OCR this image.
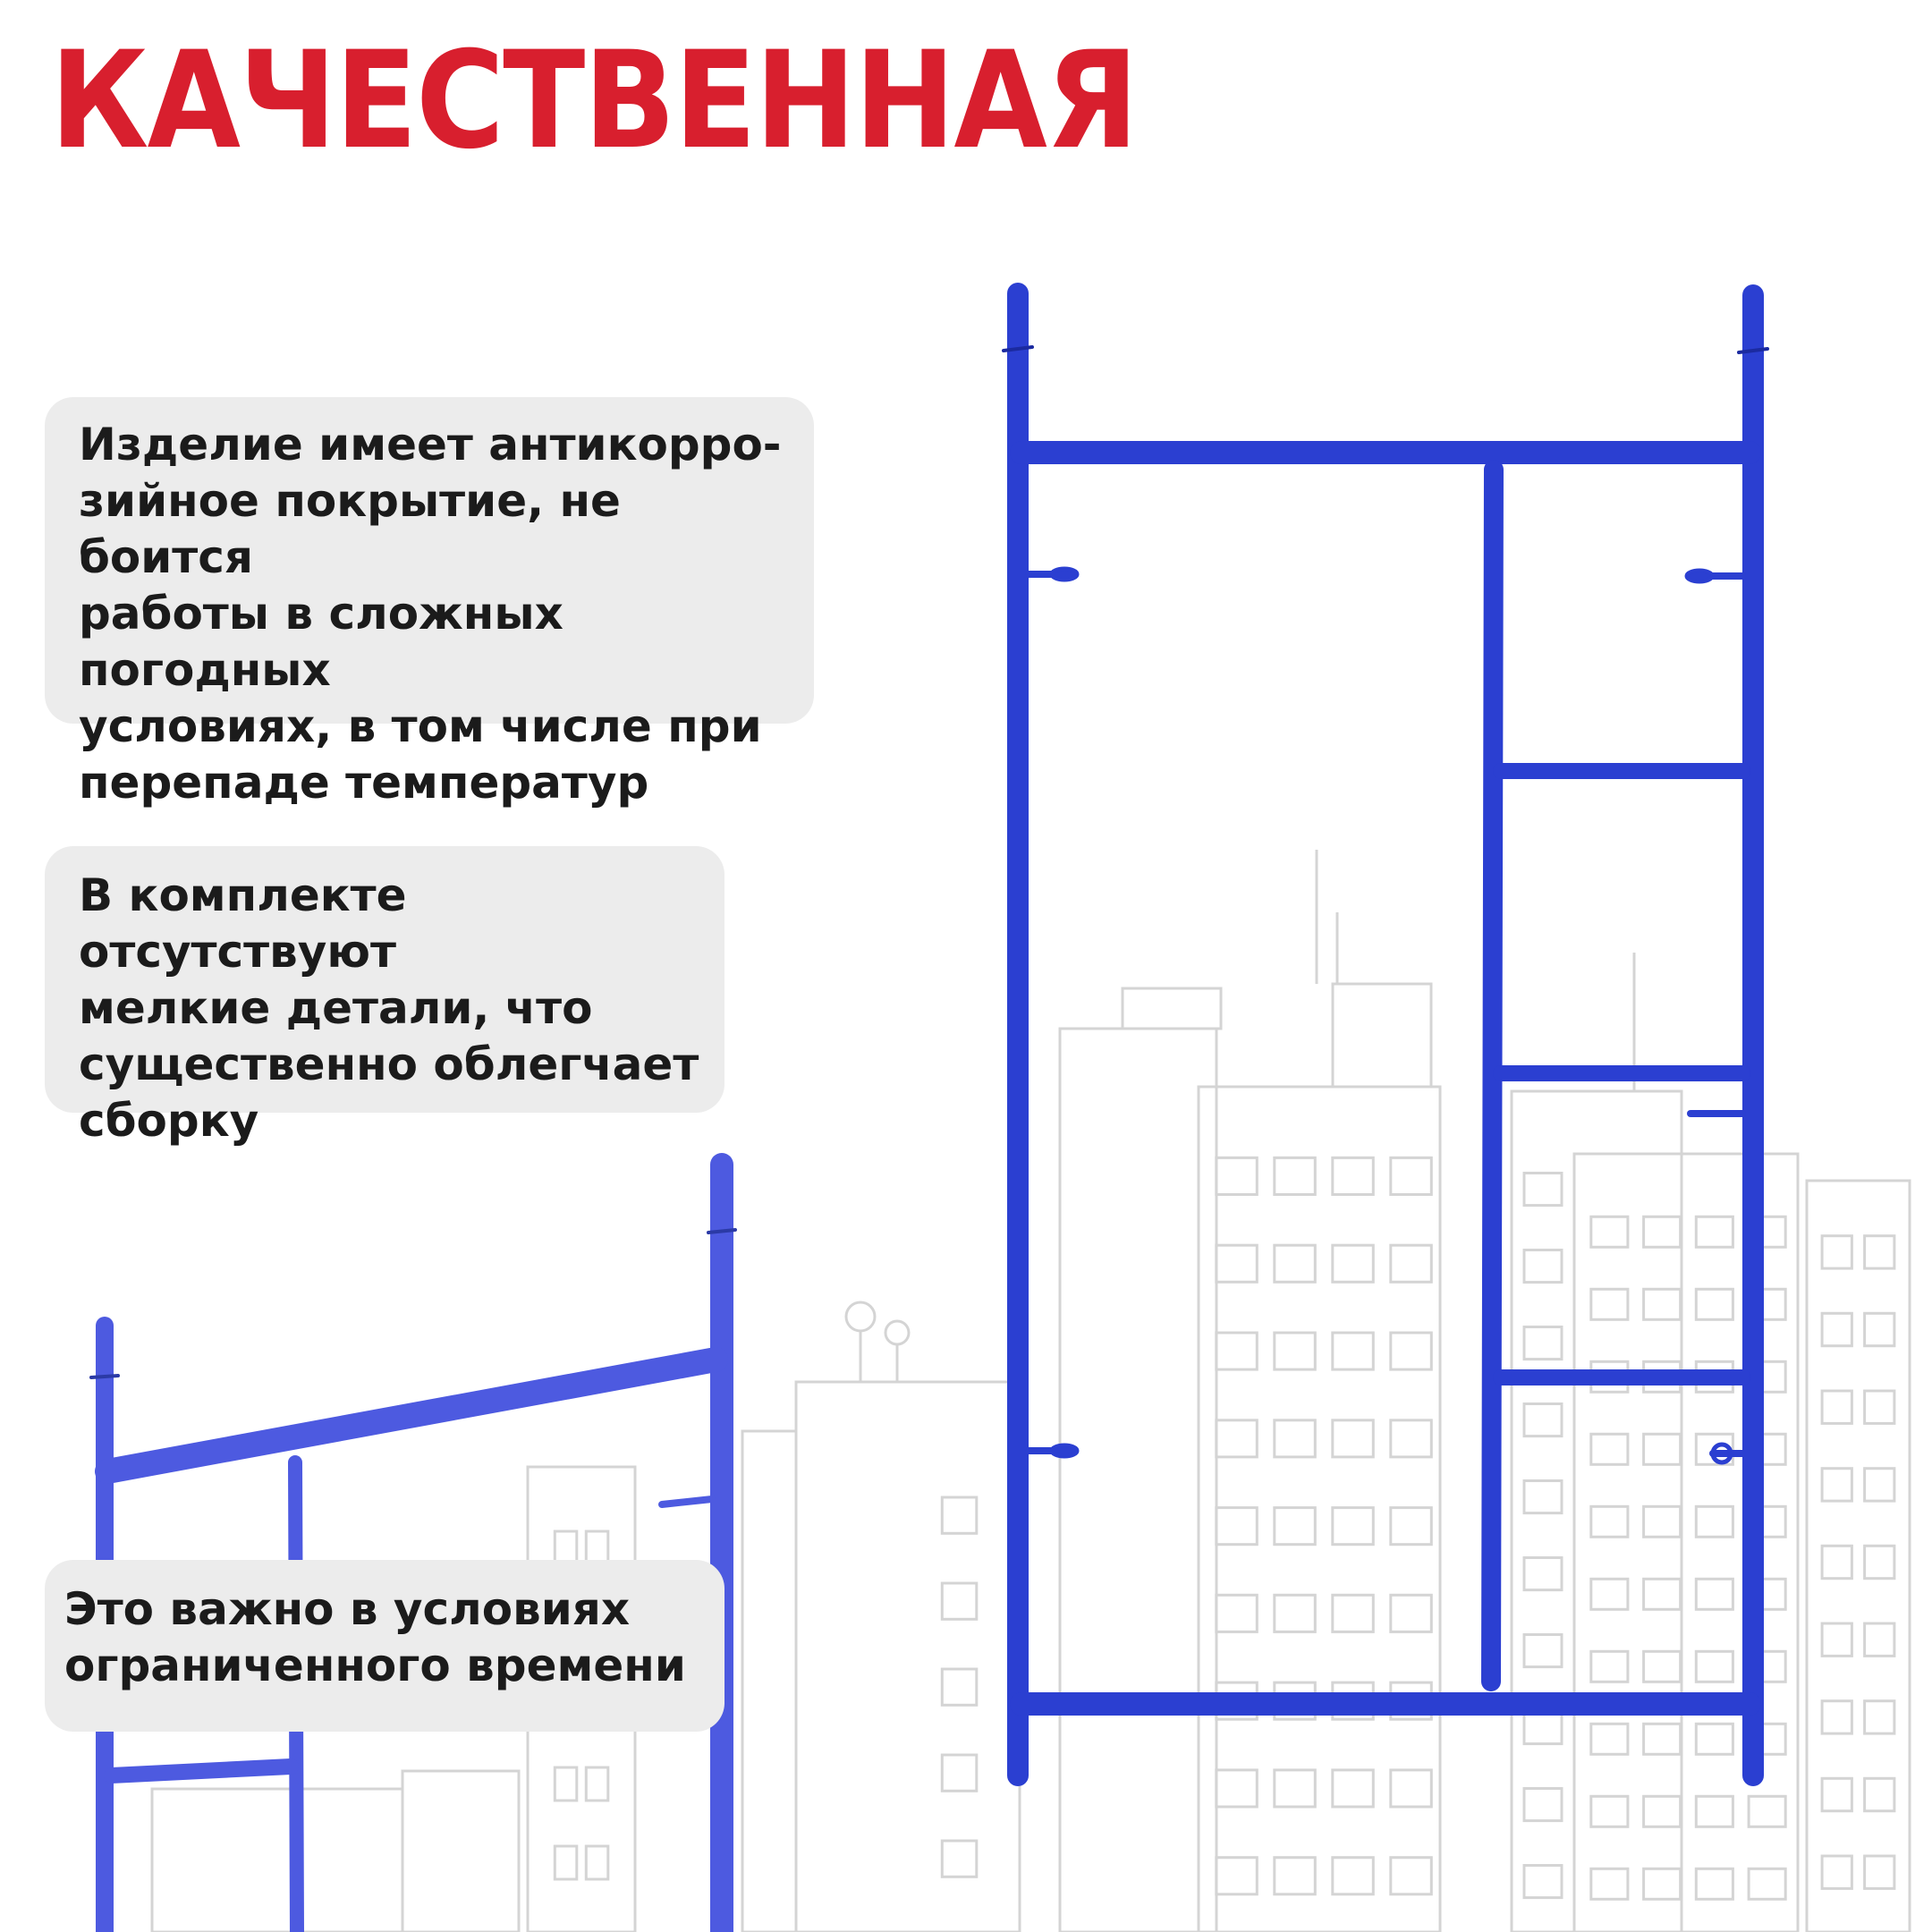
КАЧЕСТВЕННАЯ

Изделие имеет антикорро-
зийное покрытие, не боится
работы в сложных погодных
условиях, в том числе при
перепаде температур

В комплекте отсутствуют
мелкие детали, что
существенно облегчает
сборку

Это важно в условиях
ограниченного времени
